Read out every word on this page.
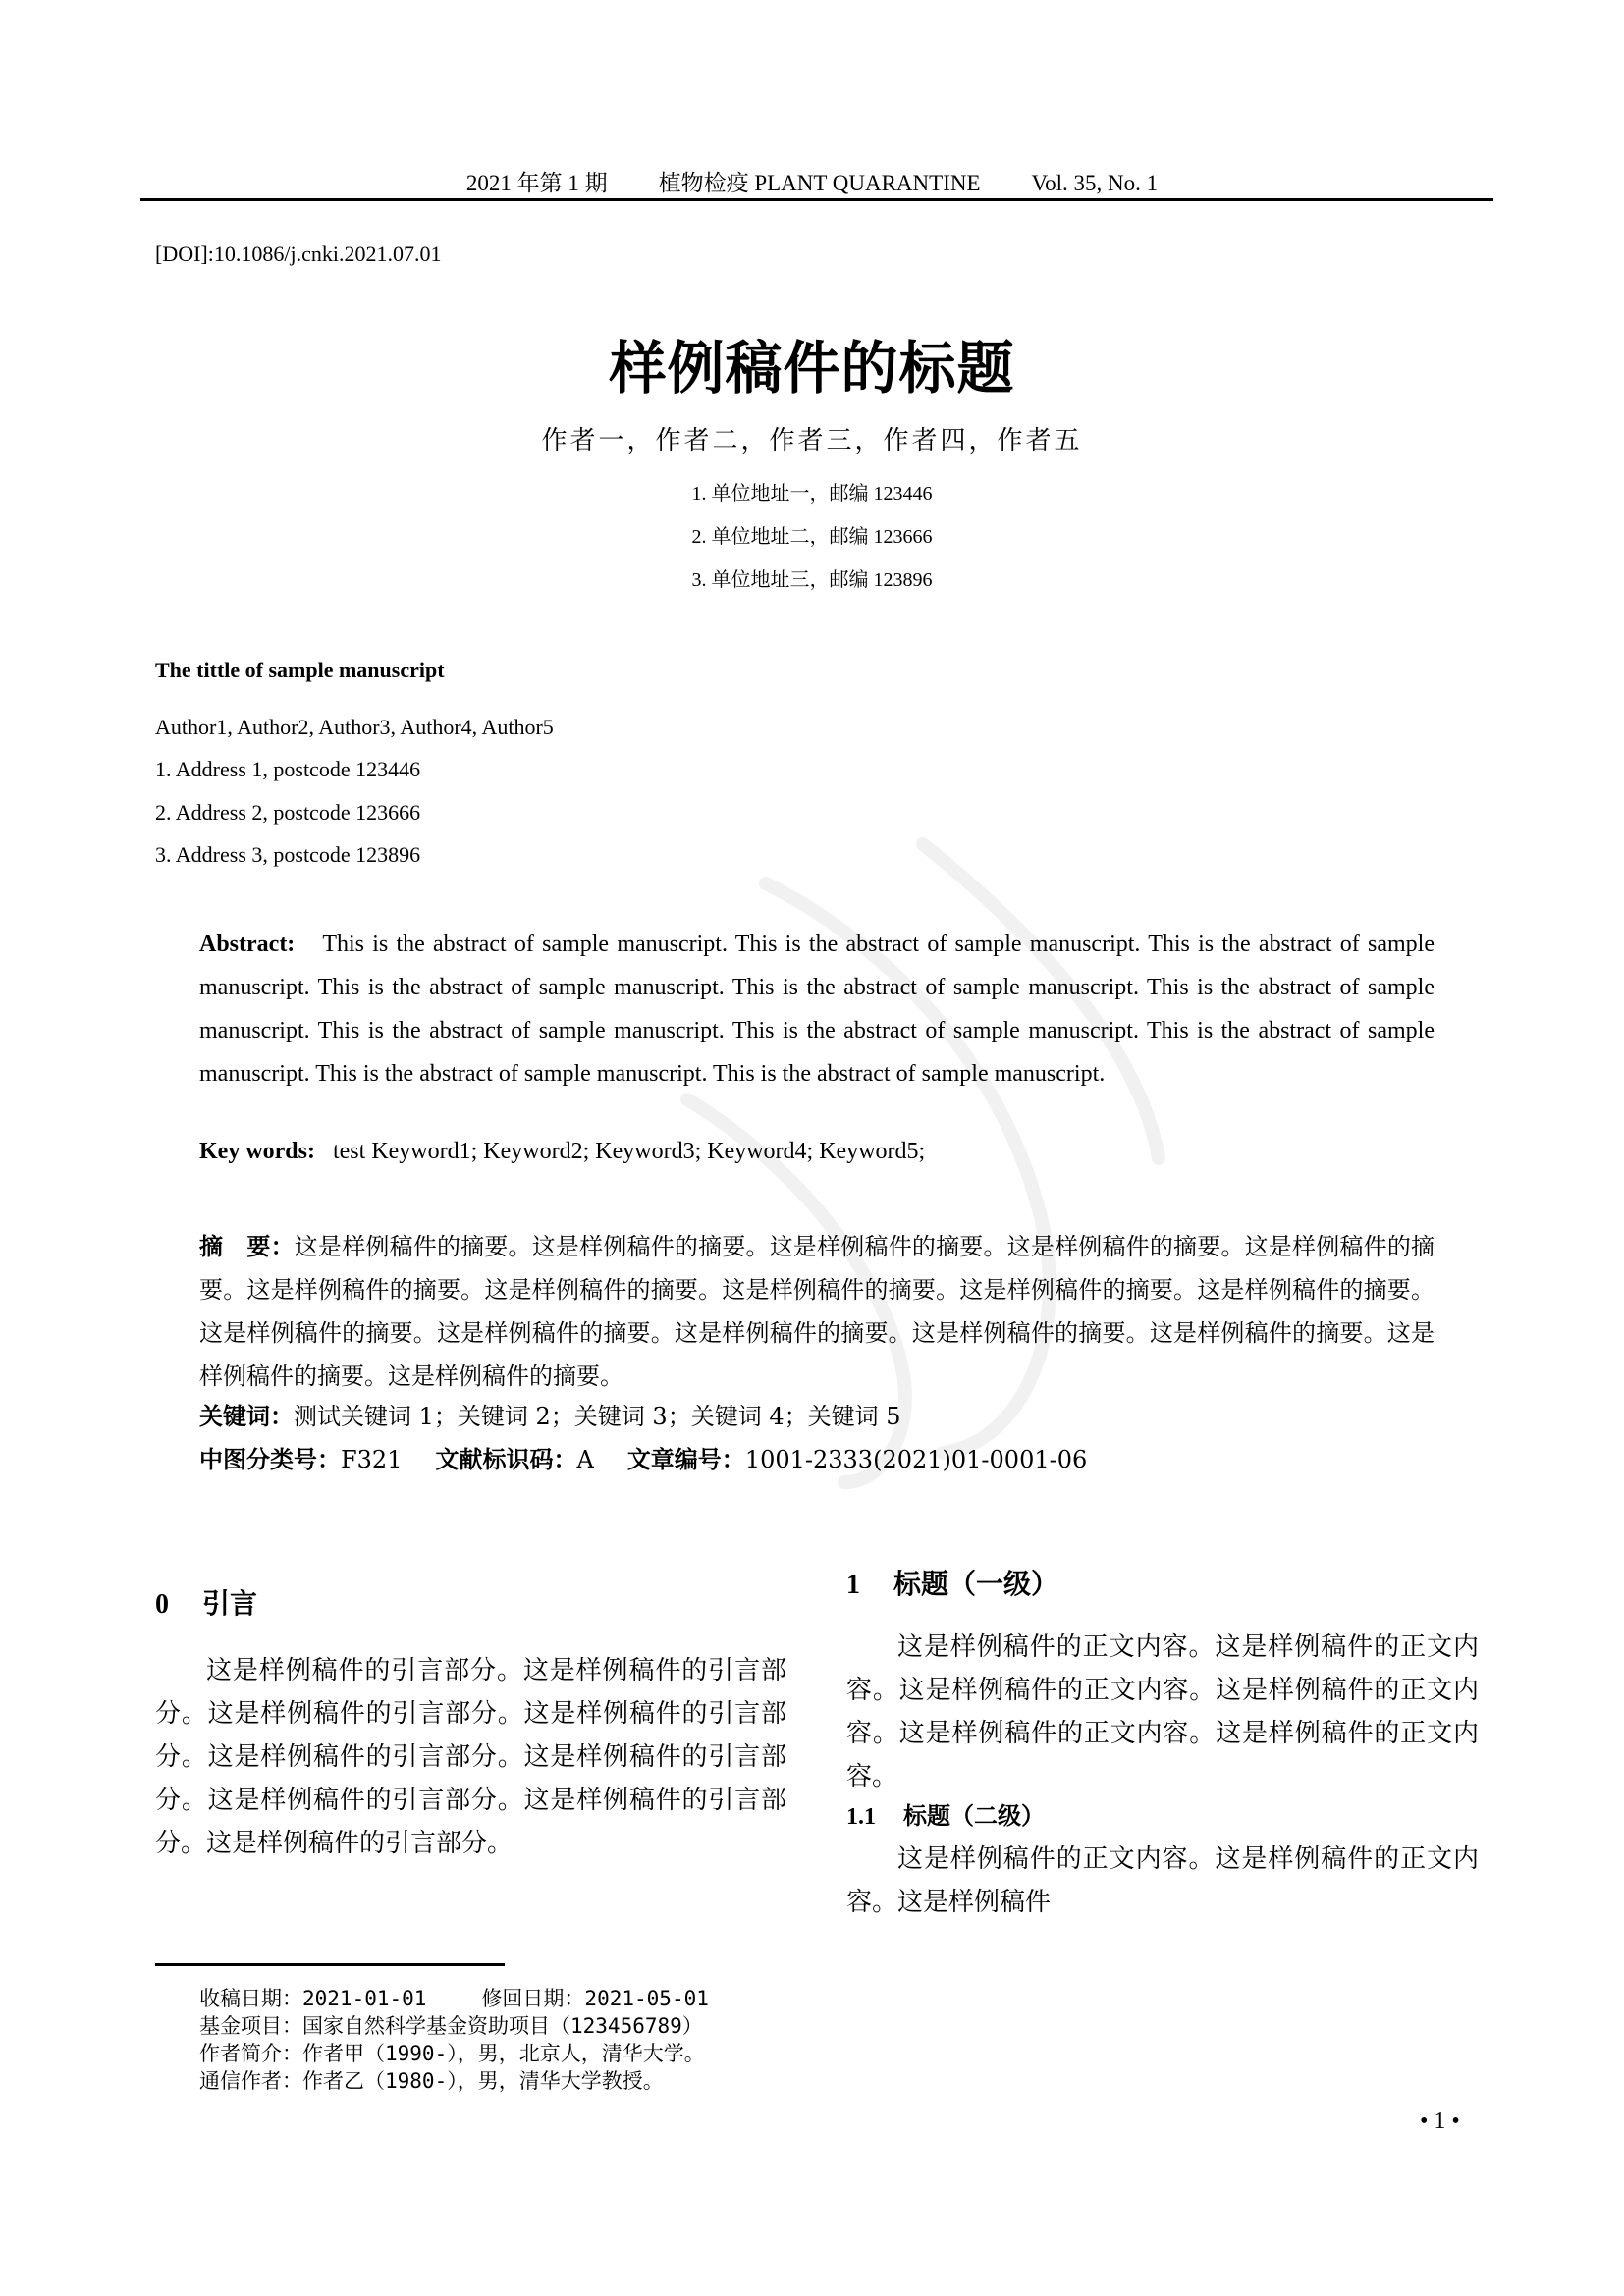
2021 年第 1 期 植物检疫 PLANT QUARANTINE Vol. 35, No. 1
[DOI]:10.1086/j.cnki.2021.07.01
样例稿件的标题
作者一，作者二，作者三，作者四，作者五
1. 单位地址一，邮编 123446
2. 单位地址二，邮编 123666
3. 单位地址三，邮编 123896
The tittle of sample manuscript
Author1, Author2, Author3, Author4, Author5
1. Address 1, postcode 123446
2. Address 2, postcode 123666
3. Address 3, postcode 123896
Abstract: This is the abstract of sample manuscript. This is the abstract of sample manuscript. This is the abstract of sample manuscript. This is the abstract of sample manuscript. This is the abstract of sample manuscript. This is the abstract of sample manuscript. This is the abstract of sample manuscript. This is the abstract of sample manuscript. This is the abstract of sample manuscript. This is the abstract of sample manuscript. This is the abstract of sample manuscript.
Key words: test Keyword1; Keyword2; Keyword3; Keyword4; Keyword5;
摘　要：这是样例稿件的摘要。这是样例稿件的摘要。这是样例稿件的摘要。这是样例稿件的摘要。这是样例稿件的摘要。这是样例稿件的摘要。这是样例稿件的摘要。这是样例稿件的摘要。这是样例稿件的摘要。这是样例稿件的摘要。这是样例稿件的摘要。这是样例稿件的摘要。这是样例稿件的摘要。这是样例稿件的摘要。这是样例稿件的摘要。这是样例稿件的摘要。这是样例稿件的摘要。
关键词：测试关键词 1；关键词 2；关键词 3；关键词 4；关键词 5
中图分类号：F321 文献标识码：A 文章编号：1001-2333(2021)01-0001-06
0 引言
这是样例稿件的引言部分。这是样例稿件的引言部分。这是样例稿件的引言部分。这是样例稿件的引言部分。这是样例稿件的引言部分。这是样例稿件的引言部分。这是样例稿件的引言部分。这是样例稿件的引言部分。这是样例稿件的引言部分。
1 标题（一级）
这是样例稿件的正文内容。这是样例稿件的正文内容。这是样例稿件的正文内容。这是样例稿件的正文内容。这是样例稿件的正文内容。这是样例稿件的正文内容。
1.1 标题（二级）
这是样例稿件的正文内容。这是样例稿件的正文内容。这是样例稿件
收稿日期：2021-01-01	修回日期：2021-05-01
基金项目：国家自然科学基金资助项目（123456789）
作者简介：作者甲（1990-），男，北京人，清华大学。
通信作者：作者乙（1980-），男，清华大学教授。
• 1 •
